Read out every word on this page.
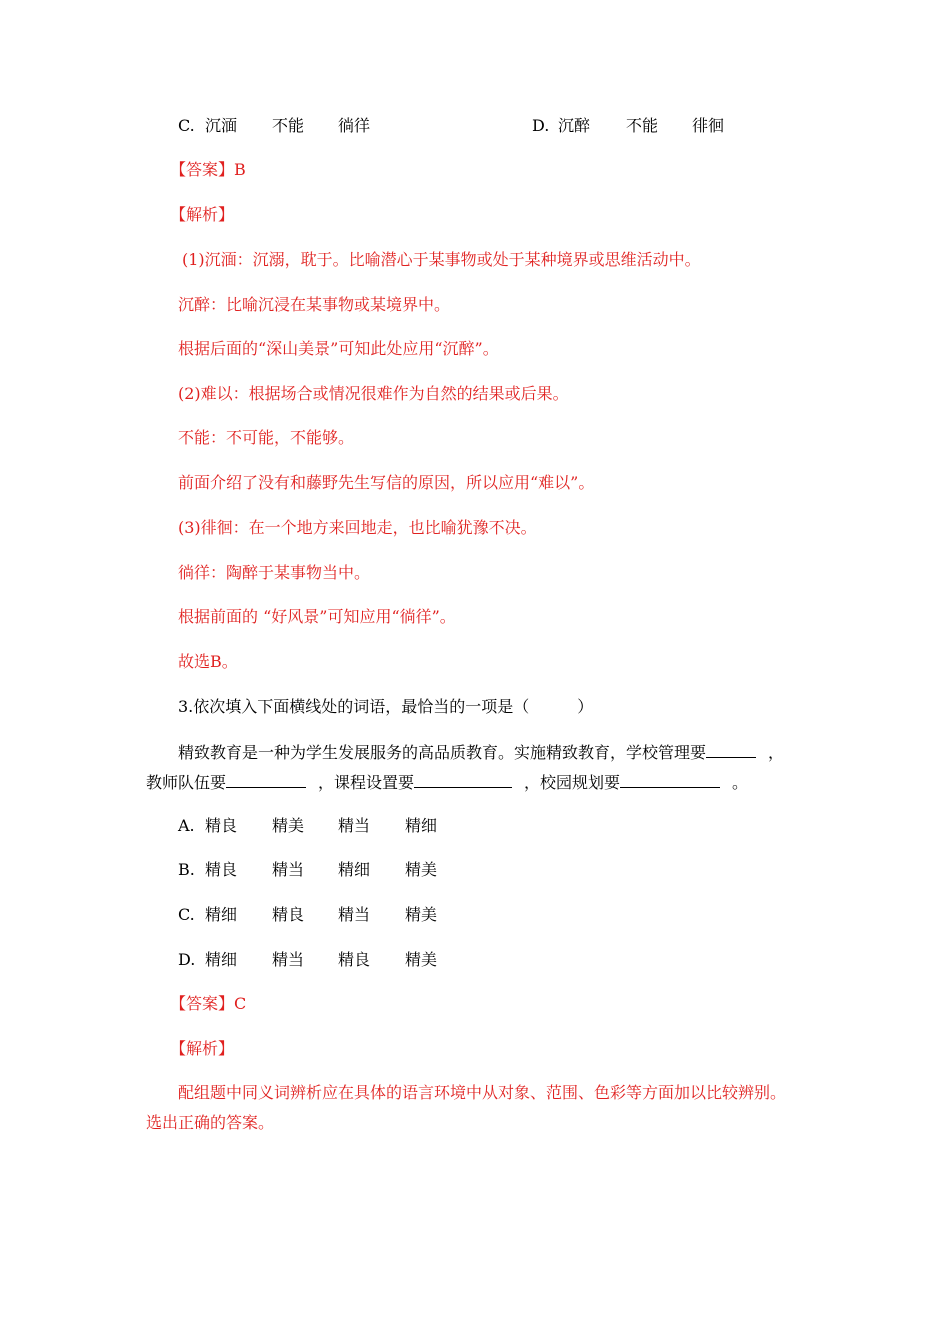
C. 沉湎 不能 徜徉	D. 沉醉 不能 徘徊
【答案】B
【解析】
(1)沉湎：沉溺，耽于。比喻潜心于某事物或处于某种境界或思维活动中。
沉醉：比喻沉浸在某事物或某境界中。
根据后面的“深山美景”可知此处应用“沉醉”。
(2)难以：根据场合或情况很难作为自然的结果或后果。
不能：不可能，不能够。
前面介绍了没有和藤野先生写信的原因，所以应用“难以”。
(3)徘徊：在一个地方来回地走，也比喻犹豫不决。
徜徉：陶醉于某事物当中。
根据前面的 “好风景”可知应用“徜徉”。
故选B。
3.依次填入下面横线处的词语，最恰当的一项是（　　　）
精致教育是一种为学生发展服务的高品质教育。实施精致教育，学校管理要	，
教师队伍要	，课程设置要	，校园规划要	。
A. 精良 精美 精当 精细
B. 精良 精当 精细 精美
C. 精细 精良 精当 精美
D. 精细 精当 精良 精美
【答案】C
【解析】
配组题中同义词辨析应在具体的语言环境中从对象、范围、色彩等方面加以比较辨别。
选出正确的答案。
